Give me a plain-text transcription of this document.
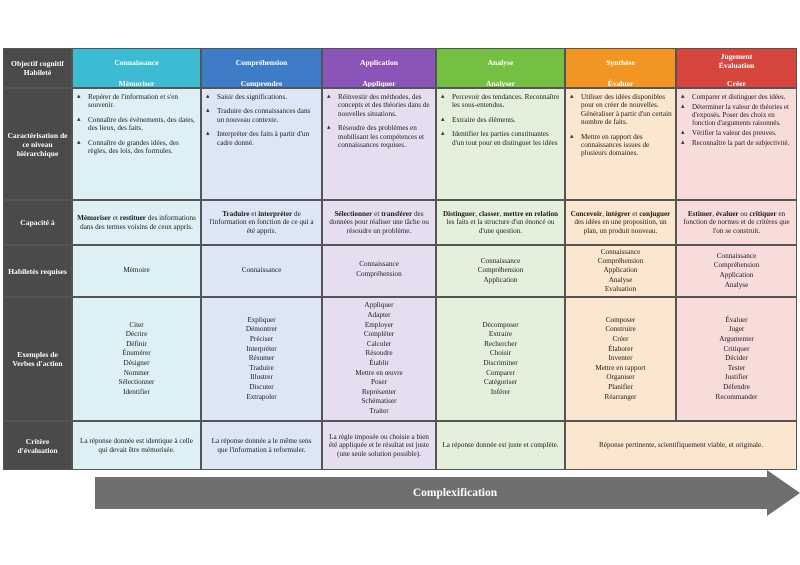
Objectif cognitif
Habileté
Connaissance
Mémoriser
Compréhension
Comprendre
Application
Appliquer
Analyse
Analyser
Synthèse
Évaluer
Jugement
Évaluation
Créer
Caractérisation de ce niveau hiérarchique
Capacité à
Habiletés requises
Exemples de Verbes d'action
Critère d'évaluation
▴ Repérer de l'information et s'en souvenir.
▴ Connaître des événements, des dates, des lieux, des faits.
▴ Connaître de grandes idées, des règles, des lois, des formules.
▴ Saisir des significations.
▴ Traduire des connaissances dans un nouveau contexte.
▴ Interpréter des faits à partir d'un cadre donné.
▴ Réinvestir des méthodes, des concepts et des théories dans de nouvelles situations.
▴ Résoudre des problèmes en mobilisant les compétences et connaissances requises.
▴ Percevoir des tendances. Reconnaître les sous-entendus.
▴ Extraire des éléments.
▴ Identifier les parties constituantes d'un tout pour en distinguer les idées
▴ Utiliser des idées disponibles pour en créer de nouvelles. Généraliser à partir d'un certain nombre de faits.
▴ Mettre en rapport des connaissances issues de plusieurs domaines.
▴ Comparer et distinguer des idées.
▴ Déterminer la valeur de théories et d'exposés. Poser des choix en fonction d'arguments raisonnés.
▴ Vérifier la valeur des preuves.
▴ Reconnaître la part de subjectivité.
Mémoriser et restituer des informations dans des termes voisins de ceux appris.
Traduire et interpréter de l'information en fonction de ce qui a été appris.
Sélectionner et transférer des données pour réaliser une tâche ou résoudre un problème.
Distinguer, classer, mettre en relation les faits et la structure d'un énoncé ou d'une question.
Concevoir, intégrer et conjuguer des idées en une proposition, un plan, un produit nouveau.
Estimer, évaluer ou critiquer en fonction de normes et de critères que l'on se construit.
Mémoire	Connaissance
Connaissance
Compréhension
Connaissance
Compréhension
Application
Connaissance
Compréhension
Application
Analyse
Evaluation
Connaissance
Compréhension
Application
Analyse
Citer
Décrire
Définir
Énumérer
Désigner
Nommer
Sélectionner
Identifier
Expliquer
Démontrer
Préciser
Interpréter
Résumer
Traduire
Illustrer
Discuter
Extrapoler
Appliquer
Adapter
Employer
Compléter
Calculer
Résoudre
Établir
Mettre en œuvre
Poser
Représenter
Schématiser
Traiter
Décomposer
Extraire
Rechercher
Choisir
Discriminer
Comparer
Catégoriser
Inférer
Composer
Construire
Créer
Élaborer
Inventer
Mettre en rapport
Organiser
Planifier
Réarranger
Évaluer
Juger
Argumenter
Critiquer
Décider
Tester
Justifier
Défendre
Recommander
La réponse donnée est identique à celle qui devait être mémorisée.
La réponse donnée a le même sens que l'information à reformuler.
La règle imposée ou choisie a bien été appliquée et le résultat est juste (une seule solution possible).
La réponse donnée est juste et complète.	Réponse pertinente, scientifiquement viable, et originale.
Complexification
